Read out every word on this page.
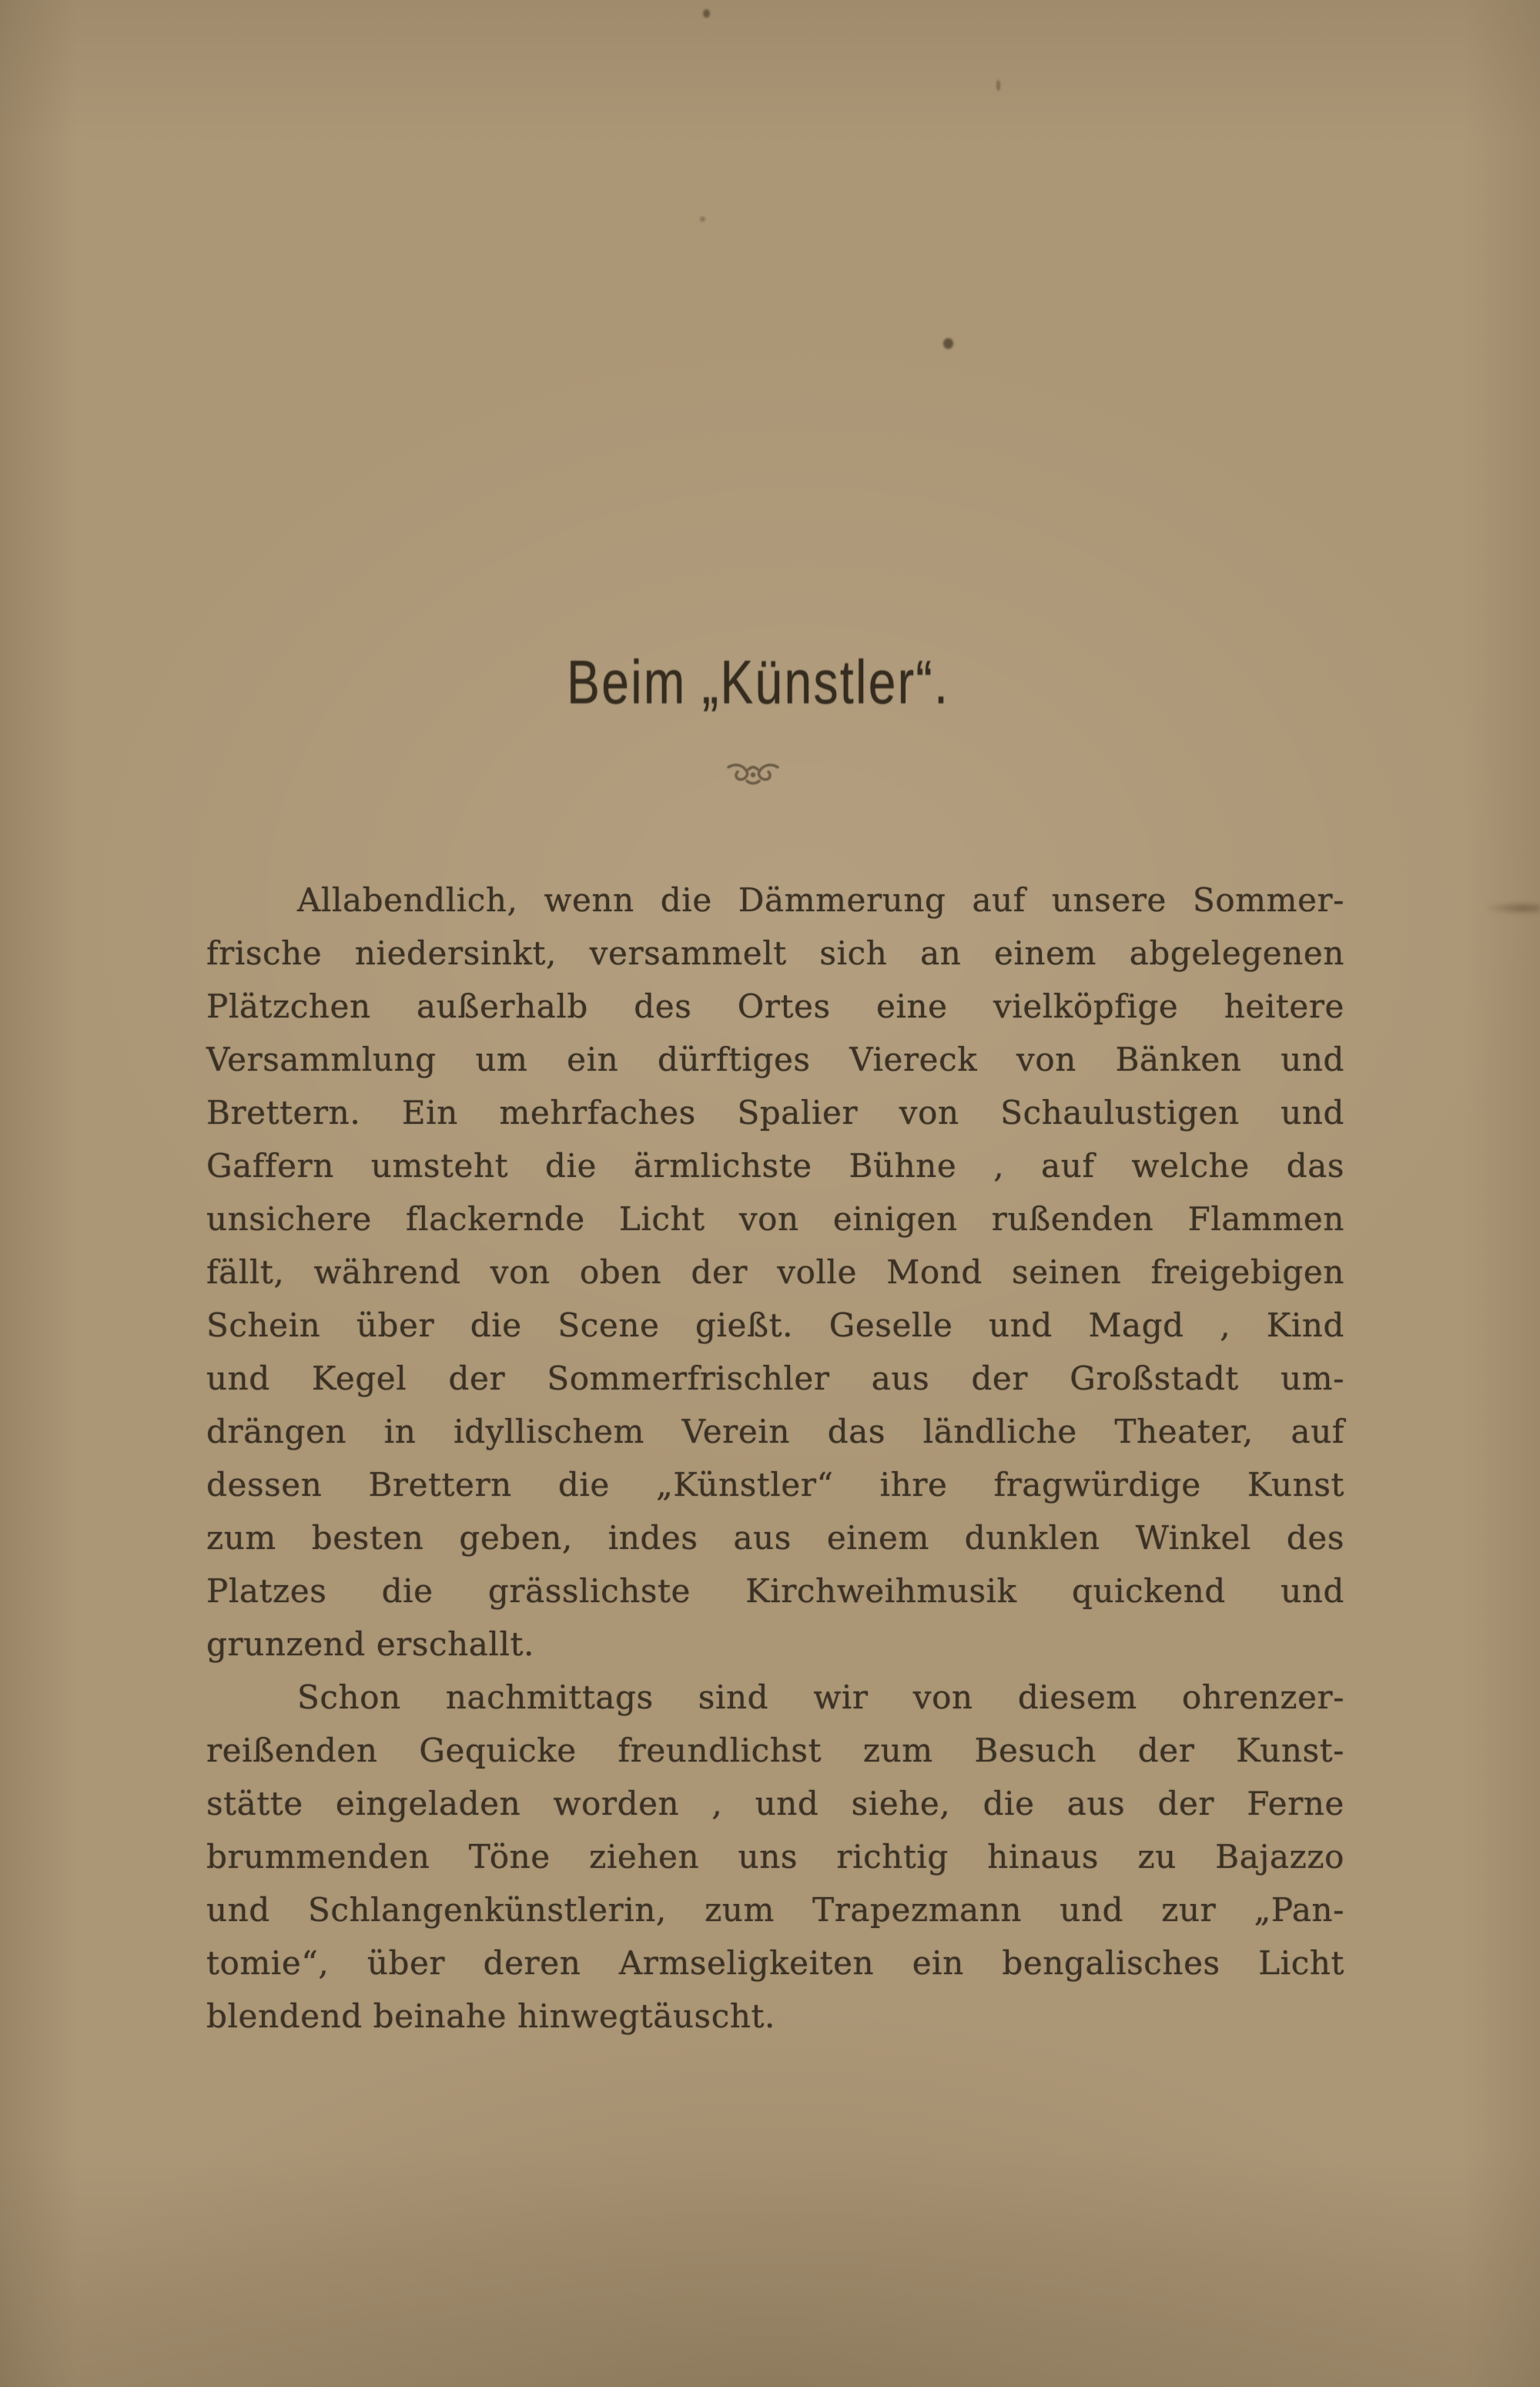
Beim „Künstler“.
Allabendlich, wenn die Dämmerung auf unsere Sommer-
frische niedersinkt, versammelt sich an einem abgelegenen
Plätzchen außerhalb des Ortes eine vielköpfige heitere
Versammlung um ein dürftiges Viereck von Bänken und
Brettern. Ein mehrfaches Spalier von Schaulustigen und
Gaffern umsteht die ärmlichste Bühne , auf welche das
unsichere flackernde Licht von einigen rußenden Flammen
fällt, während von oben der volle Mond seinen freigebigen
Schein über die Scene gießt. Geselle und Magd , Kind
und Kegel der Sommerfrischler aus der Großstadt um-
drängen in idyllischem Verein das ländliche Theater, auf
dessen Brettern die „Künstler“ ihre fragwürdige Kunst
zum besten geben, indes aus einem dunklen Winkel des
Platzes die grässlichste Kirchweihmusik quickend und
grunzend erschallt.
Schon nachmittags sind wir von diesem ohrenzer-
reißenden Gequicke freundlichst zum Besuch der Kunst-
stätte eingeladen worden , und siehe, die aus der Ferne
brummenden Töne ziehen uns richtig hinaus zu Bajazzo
und Schlangenkünstlerin, zum Trapezmann und zur „Pan-
tomie“, über deren Armseligkeiten ein bengalisches Licht
blendend beinahe hinwegtäuscht.
